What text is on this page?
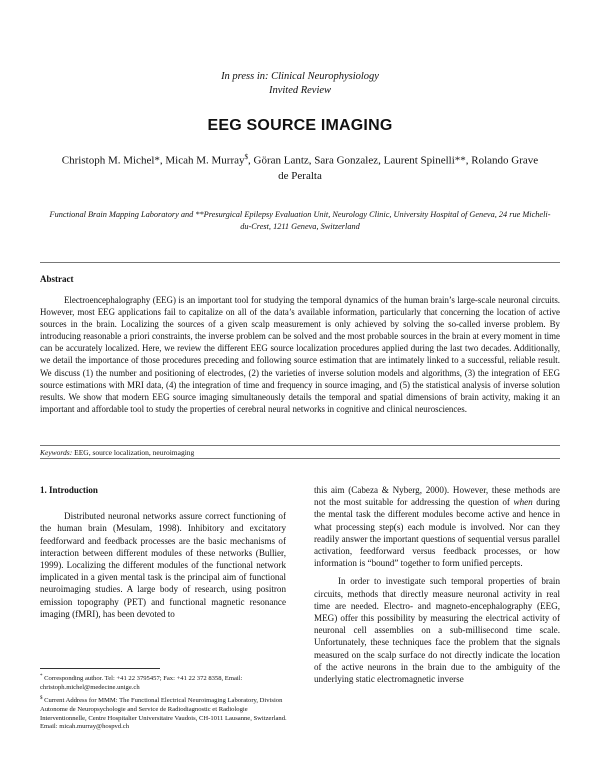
In press in: Clinical Neurophysiology
Invited Review
EEG SOURCE IMAGING
Christoph M. Michel*, Micah M. Murray$, Göran Lantz, Sara Gonzalez, Laurent Spinelli**, Rolando Grave de Peralta
Functional Brain Mapping Laboratory and **Presurgical Epilepsy Evaluation Unit, Neurology Clinic, University Hospital of Geneva, 24 rue Micheli-du-Crest, 1211 Geneva, Switzerland
Abstract
Electroencephalography (EEG) is an important tool for studying the temporal dynamics of the human brain’s large-scale neuronal circuits. However, most EEG applications fail to capitalize on all of the data’s available information, particularly that concerning the location of active sources in the brain. Localizing the sources of a given scalp measurement is only achieved by solving the so-called inverse problem. By introducing reasonable a priori constraints, the inverse problem can be solved and the most probable sources in the brain at every moment in time can be accurately localized. Here, we review the different EEG source localization procedures applied during the last two decades. Additionally, we detail the importance of those procedures preceding and following source estimation that are intimately linked to a successful, reliable result. We discuss (1) the number and positioning of electrodes, (2) the varieties of inverse solution models and algorithms, (3) the integration of EEG source estimations with MRI data, (4) the integration of time and frequency in source imaging, and (5) the statistical analysis of inverse solution results. We show that modern EEG source imaging simultaneously details the temporal and spatial dimensions of brain activity, making it an important and affordable tool to study the properties of cerebral neural networks in cognitive and clinical neurosciences.
Keywords: EEG, source localization, neuroimaging

1. Introduction

Distributed neuronal networks assure correct functioning of the human brain (Mesulam, 1998). Inhibitory and excitatory feedforward and feedback processes are the basic mechanisms of interaction between different modules of these networks (Bullier, 1999). Localizing the different modules of the functional network implicated in a given mental task is the principal aim of functional neuroimaging studies. A large body of research, using positron emission topography (PET) and functional magnetic resonance imaging (fMRI), has been devoted to

this aim (Cabeza & Nyberg, 2000). However, these methods are not the most suitable for addressing the question of when during the mental task the different modules become active and hence in what processing step(s) each module is involved. Nor can they readily answer the important questions of sequential versus parallel activation, feedforward versus feedback processes, or how information is “bound” together to form unified percepts.

In order to investigate such temporal properties of brain circuits, methods that directly measure neuronal activity in real time are needed. Electro- and magneto-encephalography (EEG, MEG) offer this possibility by measuring the electrical activity of neuronal cell assemblies on a sub-millisecond time scale. Unfortunately, these techniques face the problem that the signals measured on the scalp surface do not directly indicate the location of the active neurons in the brain due to the ambiguity of the underlying static electromagnetic inverse

* Corresponding author. Tel: +41 22 3795457; Fax: +41 22 372 8358, Email: christoph.michel@medecine.unige.ch

$ Current Address for MMM: The Functional Electrical Neuroimaging Laboratory, Division Autonome de Neuropsychologie and Service de Radiodiagnostic et Radiologie Interventionnelle, Centre Hospitalier Universitaire Vaudois, CH-1011 Lausanne, Switzerland. Email: micah.murray@hospvd.ch
